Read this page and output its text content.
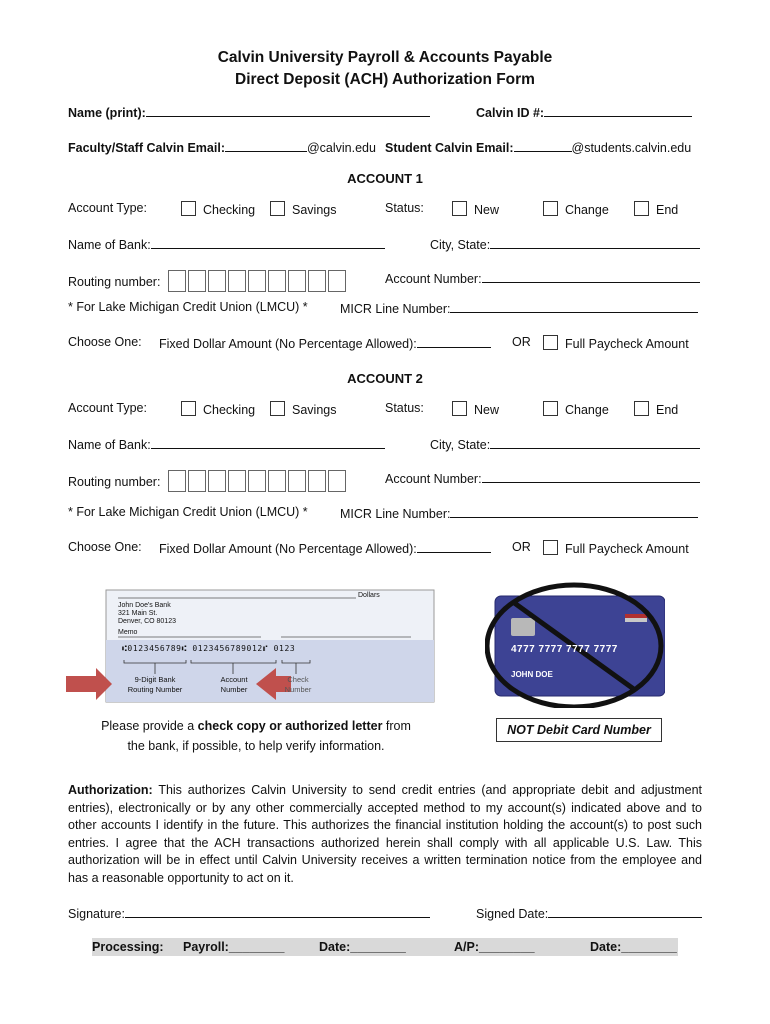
Calvin University Payroll & Accounts Payable
Direct Deposit (ACH) Authorization Form
Name (print):	Calvin ID #:
Faculty/Staff Calvin Email:	@calvin.edu Student Calvin Email:	@students.calvin.edu
ACCOUNT 1
Account Type:	Checking	Savings	Status:	New	Change	End
Name of Bank:	City, State:
Routing number:	Account Number:
* For Lake Michigan Credit Union (LMCU) *	MICR Line Number:
Choose One: Fixed Dollar Amount (No Percentage Allowed):	OR	Full Paycheck Amount
ACCOUNT 2
Account Type:	Checking	Savings	Status:	New	Change	End
Name of Bank:	City, State:
Routing number:	Account Number:
* For Lake Michigan Credit Union (LMCU) *	MICR Line Number:
Choose One: Fixed Dollar Amount (No Percentage Allowed):	OR	Full Paycheck Amount
Dollars
John Doe's Bank
321 Main St.
Denver, CO 80123
Memo
⑆0123456789⑆ 0123456789012⑈ 0123
9-Digit Bank
Routing Number
Account
Number
Check
Number
4777 7777 7777 7777
JOHN DOE
Please provide a check copy or authorized letter from
the bank, if possible, to help verify information.
NOT Debit Card Number
Authorization: This authorizes Calvin University to send credit entries (and appropriate debit and adjustment entries), electronically or by any other commercially accepted method to my account(s) indicated above and to other accounts I identify in the future. This authorizes the financial institution holding the account(s) to post such entries. I agree that the ACH transactions authorized herein shall comply with all applicable U.S. Law. This authorization will be in effect until Calvin University receives a written termination notice from the employee and has a reasonable opportunity to act on it.
Signature:	Signed Date:
Processing: Payroll:________	Date:________	A/P:________	Date:________
